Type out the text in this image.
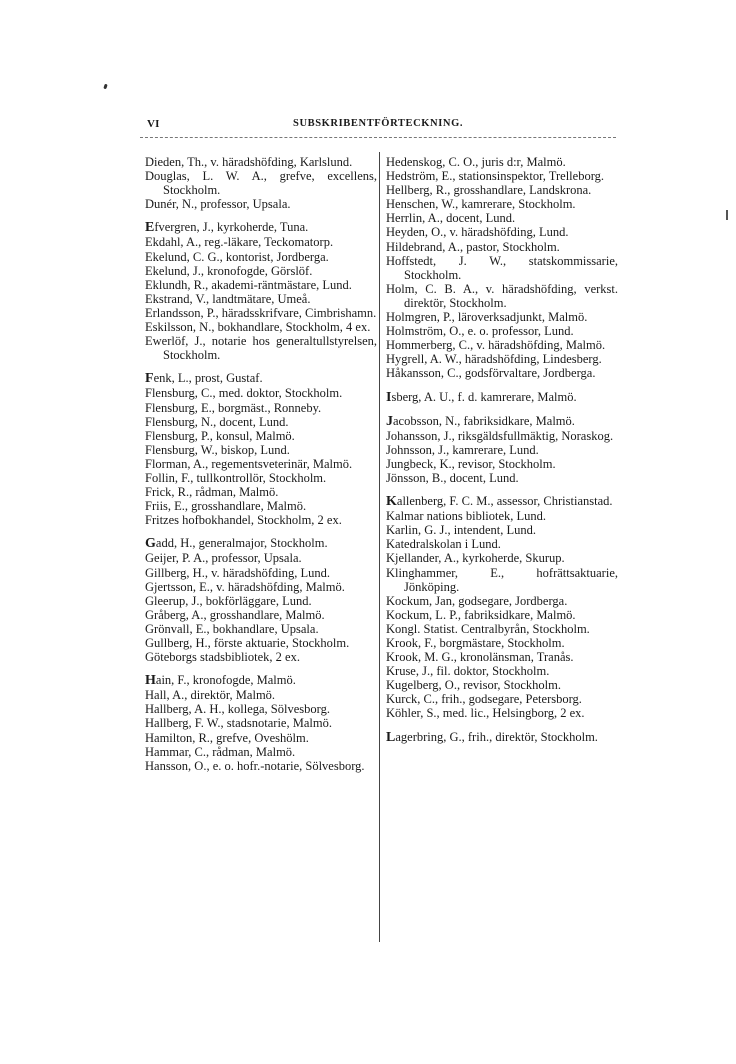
VI	SUBSKRIBENTFÖRTECKNING.
Dieden, Th., v. häradshöfding, Karlslund.
Douglas, L. W. A., grefve, excellens, Stockholm.
Dunér, N., professor, Upsala.
Efvergren, J., kyrkoherde, Tuna.
Ekdahl, A., reg.-läkare, Teckomatorp.
Ekelund, C. G., kontorist, Jordberga.
Ekelund, J., kronofogde, Görslöf.
Eklundh, R., akademi-räntmästare, Lund.
Ekstrand, V., landtmätare, Umeå.
Erlandsson, P., häradsskrifvare, Cimbrishamn.
Eskilsson, N., bokhandlare, Stockholm, 4 ex.
Ewerlöf, J., notarie hos generaltullstyrelsen, Stockholm.
Fenk, L., prost, Gustaf.
Flensburg, C., med. doktor, Stockholm.
Flensburg, E., borgmäst., Ronneby.
Flensburg, N., docent, Lund.
Flensburg, P., konsul, Malmö.
Flensburg, W., biskop, Lund.
Florman, A., regementsveterinär, Malmö.
Follin, F., tullkontrollör, Stockholm.
Frick, R., rådman, Malmö.
Friis, E., grosshandlare, Malmö.
Fritzes hofbokhandel, Stockholm, 2 ex.
Gadd, H., generalmajor, Stockholm.
Geijer, P. A., professor, Upsala.
Gillberg, H., v. häradshöfding, Lund.
Gjertsson, E., v. häradshöfding, Malmö.
Gleerup, J., bokförläggare, Lund.
Gråberg, A., grosshandlare, Malmö.
Grönvall, E., bokhandlare, Upsala.
Gullberg, H., förste aktuarie, Stockholm.
Göteborgs stadsbibliotek, 2 ex.
Hain, F., kronofogde, Malmö.
Hall, A., direktör, Malmö.
Hallberg, A. H., kollega, Sölvesborg.
Hallberg, F. W., stadsnotarie, Malmö.
Hamilton, R., grefve, Oveshölm.
Hammar, C., rådman, Malmö.
Hansson, O., e. o. hofr.-notarie, Sölvesborg.
Hedenskog, C. O., juris d:r, Malmö.
Hedström, E., stationsinspektor, Trelleborg.
Hellberg, R., grosshandlare, Landskrona.
Henschen, W., kamrerare, Stockholm.
Herrlin, A., docent, Lund.
Heyden, O., v. häradshöfding, Lund.
Hildebrand, A., pastor, Stockholm.
Hoffstedt, J. W., statskommissarie, Stockholm.
Holm, C. B. A., v. häradshöfding, verkst. direktör, Stockholm.
Holmgren, P., läroverksadjunkt, Malmö.
Holmström, O., e. o. professor, Lund.
Hommerberg, C., v. häradshöfding, Malmö.
Hygrell, A. W., häradshöfding, Lindesberg.
Håkansson, C., godsförvaltare, Jordberga.
Isberg, A. U., f. d. kamrerare, Malmö.
Jacobsson, N., fabriksidkare, Malmö.
Johansson, J., riksgäldsfullmäktig, Noraskog.
Johnsson, J., kamrerare, Lund.
Jungbeck, K., revisor, Stockholm.
Jönsson, B., docent, Lund.
Kallenberg, F. C. M., assessor, Christianstad.
Kalmar nations bibliotek, Lund.
Karlin, G. J., intendent, Lund.
Katedralskolan i Lund.
Kjellander, A., kyrkoherde, Skurup.
Klinghammer, E., hofrättsaktuarie, Jönköping.
Kockum, Jan, godsegare, Jordberga.
Kockum, L. P., fabriksidkare, Malmö.
Kongl. Statist. Centralbyrån, Stockholm.
Krook, F., borgmästare, Stockholm.
Krook, M. G., kronolänsman, Tranås.
Kruse, J., fil. doktor, Stockholm.
Kugelberg, O., revisor, Stockholm.
Kurck, C., frih., godsegare, Petersborg.
Köhler, S., med. lic., Helsingborg, 2 ex.
Lagerbring, G., frih., direktör, Stockholm.
